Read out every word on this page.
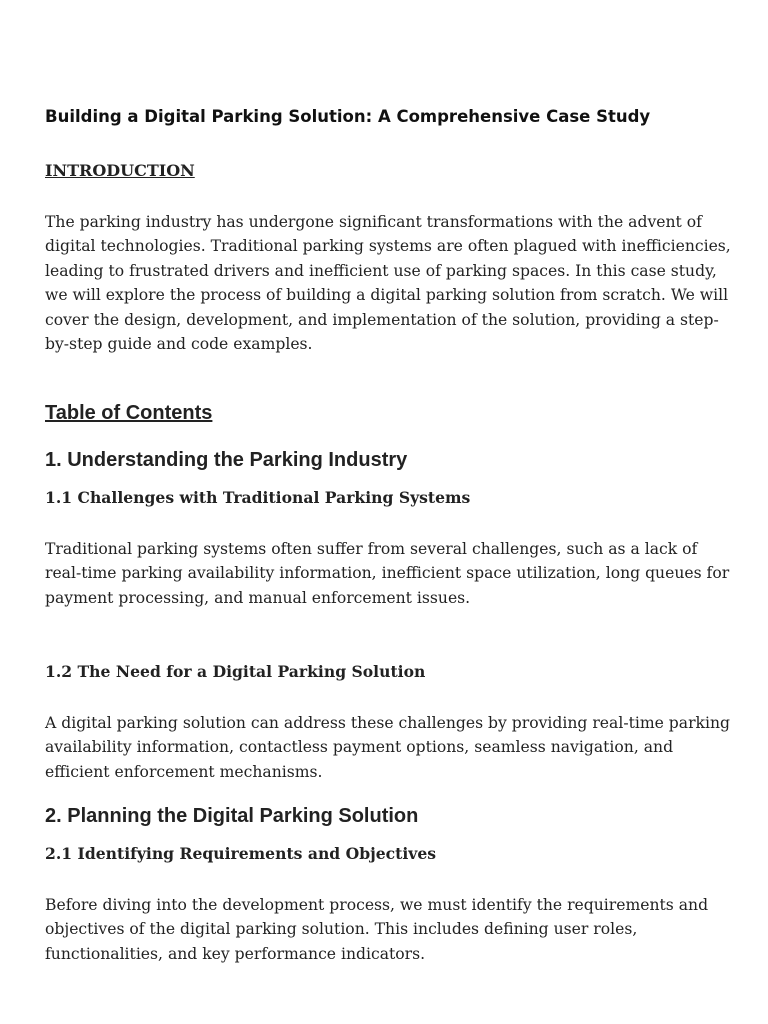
Building a Digital Parking Solution: A Comprehensive Case Study
INTRODUCTION

The parking industry has undergone significant transformations with the advent of digital technologies. Traditional parking systems are often plagued with inefficiencies, leading to frustrated drivers and inefficient use of parking spaces. In this case study, we will explore the process of building a digital parking solution from scratch. We will cover the design, development, and implementation of the solution, providing a step-by-step guide and code examples.

Table of Contents
1. Understanding the Parking Industry
1.1 Challenges with Traditional Parking Systems

Traditional parking systems often suffer from several challenges, such as a lack of real-time parking availability information, inefficient space utilization, long queues for payment processing, and manual enforcement issues.

1.2 The Need for a Digital Parking Solution

A digital parking solution can address these challenges by providing real-time parking availability information, contactless payment options, seamless navigation, and efficient enforcement mechanisms.

2. Planning the Digital Parking Solution
2.1 Identifying Requirements and Objectives

Before diving into the development process, we must identify the requirements and objectives of the digital parking solution. This includes defining user roles, functionalities, and key performance indicators.
